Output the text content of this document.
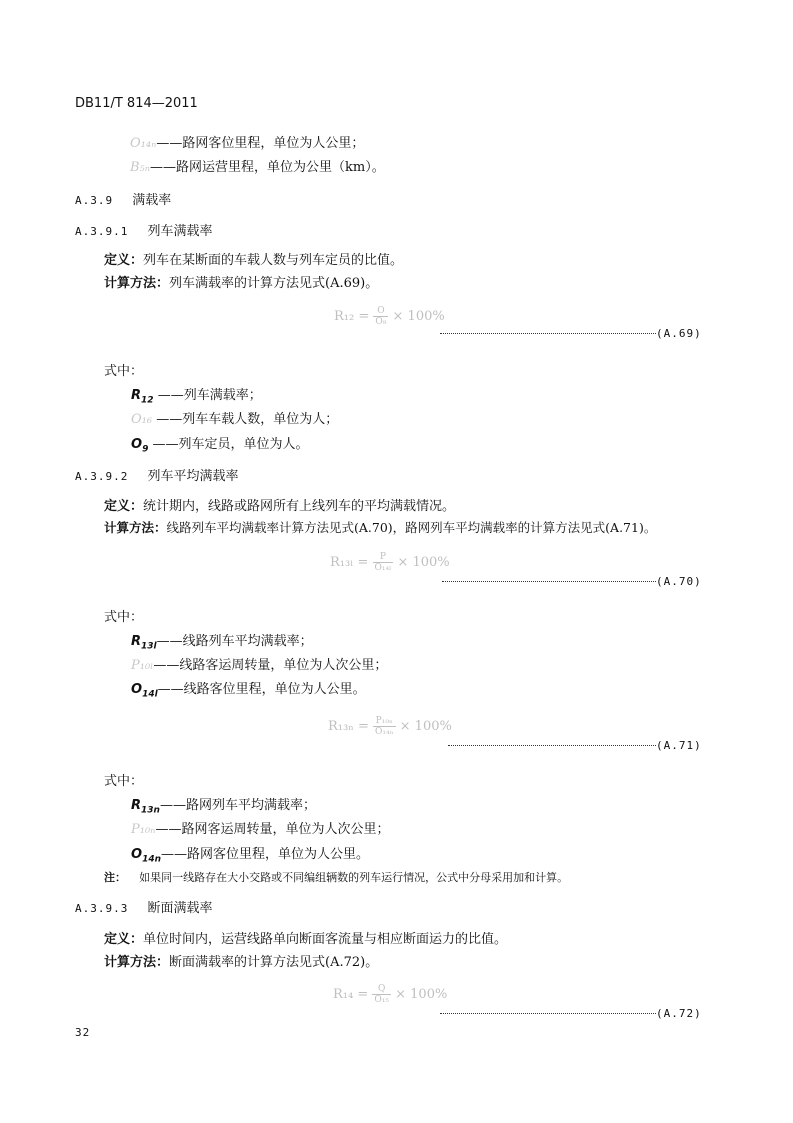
DB11/T 814—2011
O₁₄ₙ——路网客位里程，单位为人公里；
B₅ₙ——路网运营里程，单位为公里（km）。
A.3.9 满载率
A.3.9.1 列车满载率
定义：列车在某断面的车载人数与列车定员的比值。
计算方法：列车满载率的计算方法见式(A.69)。
$R_{12} = \frac{O}{\text{O₉}} \times 100\%$
(A.69)
式中：
$R_{12}$ ——列车满载率；
O₁₆ ——列车车载人数，单位为人；
$O_9$ ——列车定员，单位为人。
A.3.9.2 列车平均满载率
定义：统计期内，线路或路网所有上线列车的平均满载情况。
计算方法：线路列车平均满载率计算方法见式(A.70)，路网列车平均满载率的计算方法见式(A.71)。
$R_{13l} = \frac{P}{\text{O₁₄ₗ}} \times 100\%$
(A.70)
式中：
$R_{13l}——$线路列车平均满载率；
P₁₀ₗ——线路客运周转量，单位为人次公里；
$O_{14l}——$线路客位里程，单位为人公里。
$R_{13n} = \frac{\text{P₁₀ₙ}}{\text{O₁₄ₙ}} \times 100\%$
(A.71)
式中：
$R_{13n}——$路网列车平均满载率；
P₁₀ₙ——路网客运周转量，单位为人次公里；
$O_{14n}——$路网客位里程，单位为人公里。
注： 如果同一线路存在大小交路或不同编组辆数的列车运行情况，公式中分母采用加和计算。
A.3.9.3 断面满载率
定义：单位时间内，运营线路单向断面客流量与相应断面运力的比值。
计算方法：断面满载率的计算方法见式(A.72)。
$R_{14} = \frac{Q}{\text{O₁₅}} \times 100\%$
(A.72)
32
